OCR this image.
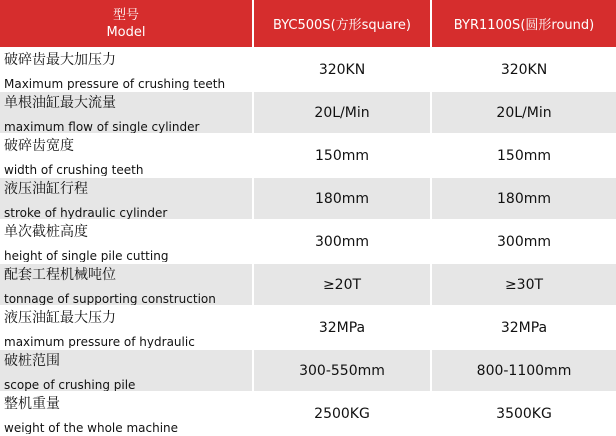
型号
Model	BYC500S(方形square)	BYR1100S(圆形round)
破碎齿最大加压力
Maximum pressure of crushing teeth
320KN	320KN
单根油缸最大流量
maximum flow of single cylinder
20L/Min	20L/Min
破碎齿宽度
width of crushing teeth
150mm	150mm
液压油缸行程
stroke of hydraulic cylinder
180mm	180mm
单次截桩高度
height of single pile cutting
300mm	300mm
配套工程机械吨位
tonnage of supporting construction
≥20T	≥30T
液压油缸最大压力
maximum pressure of hydraulic
32MPa	32MPa
破桩范围
scope of crushing pile
300-550mm	800-1100mm
整机重量
weight of the whole machine
2500KG	3500KG
